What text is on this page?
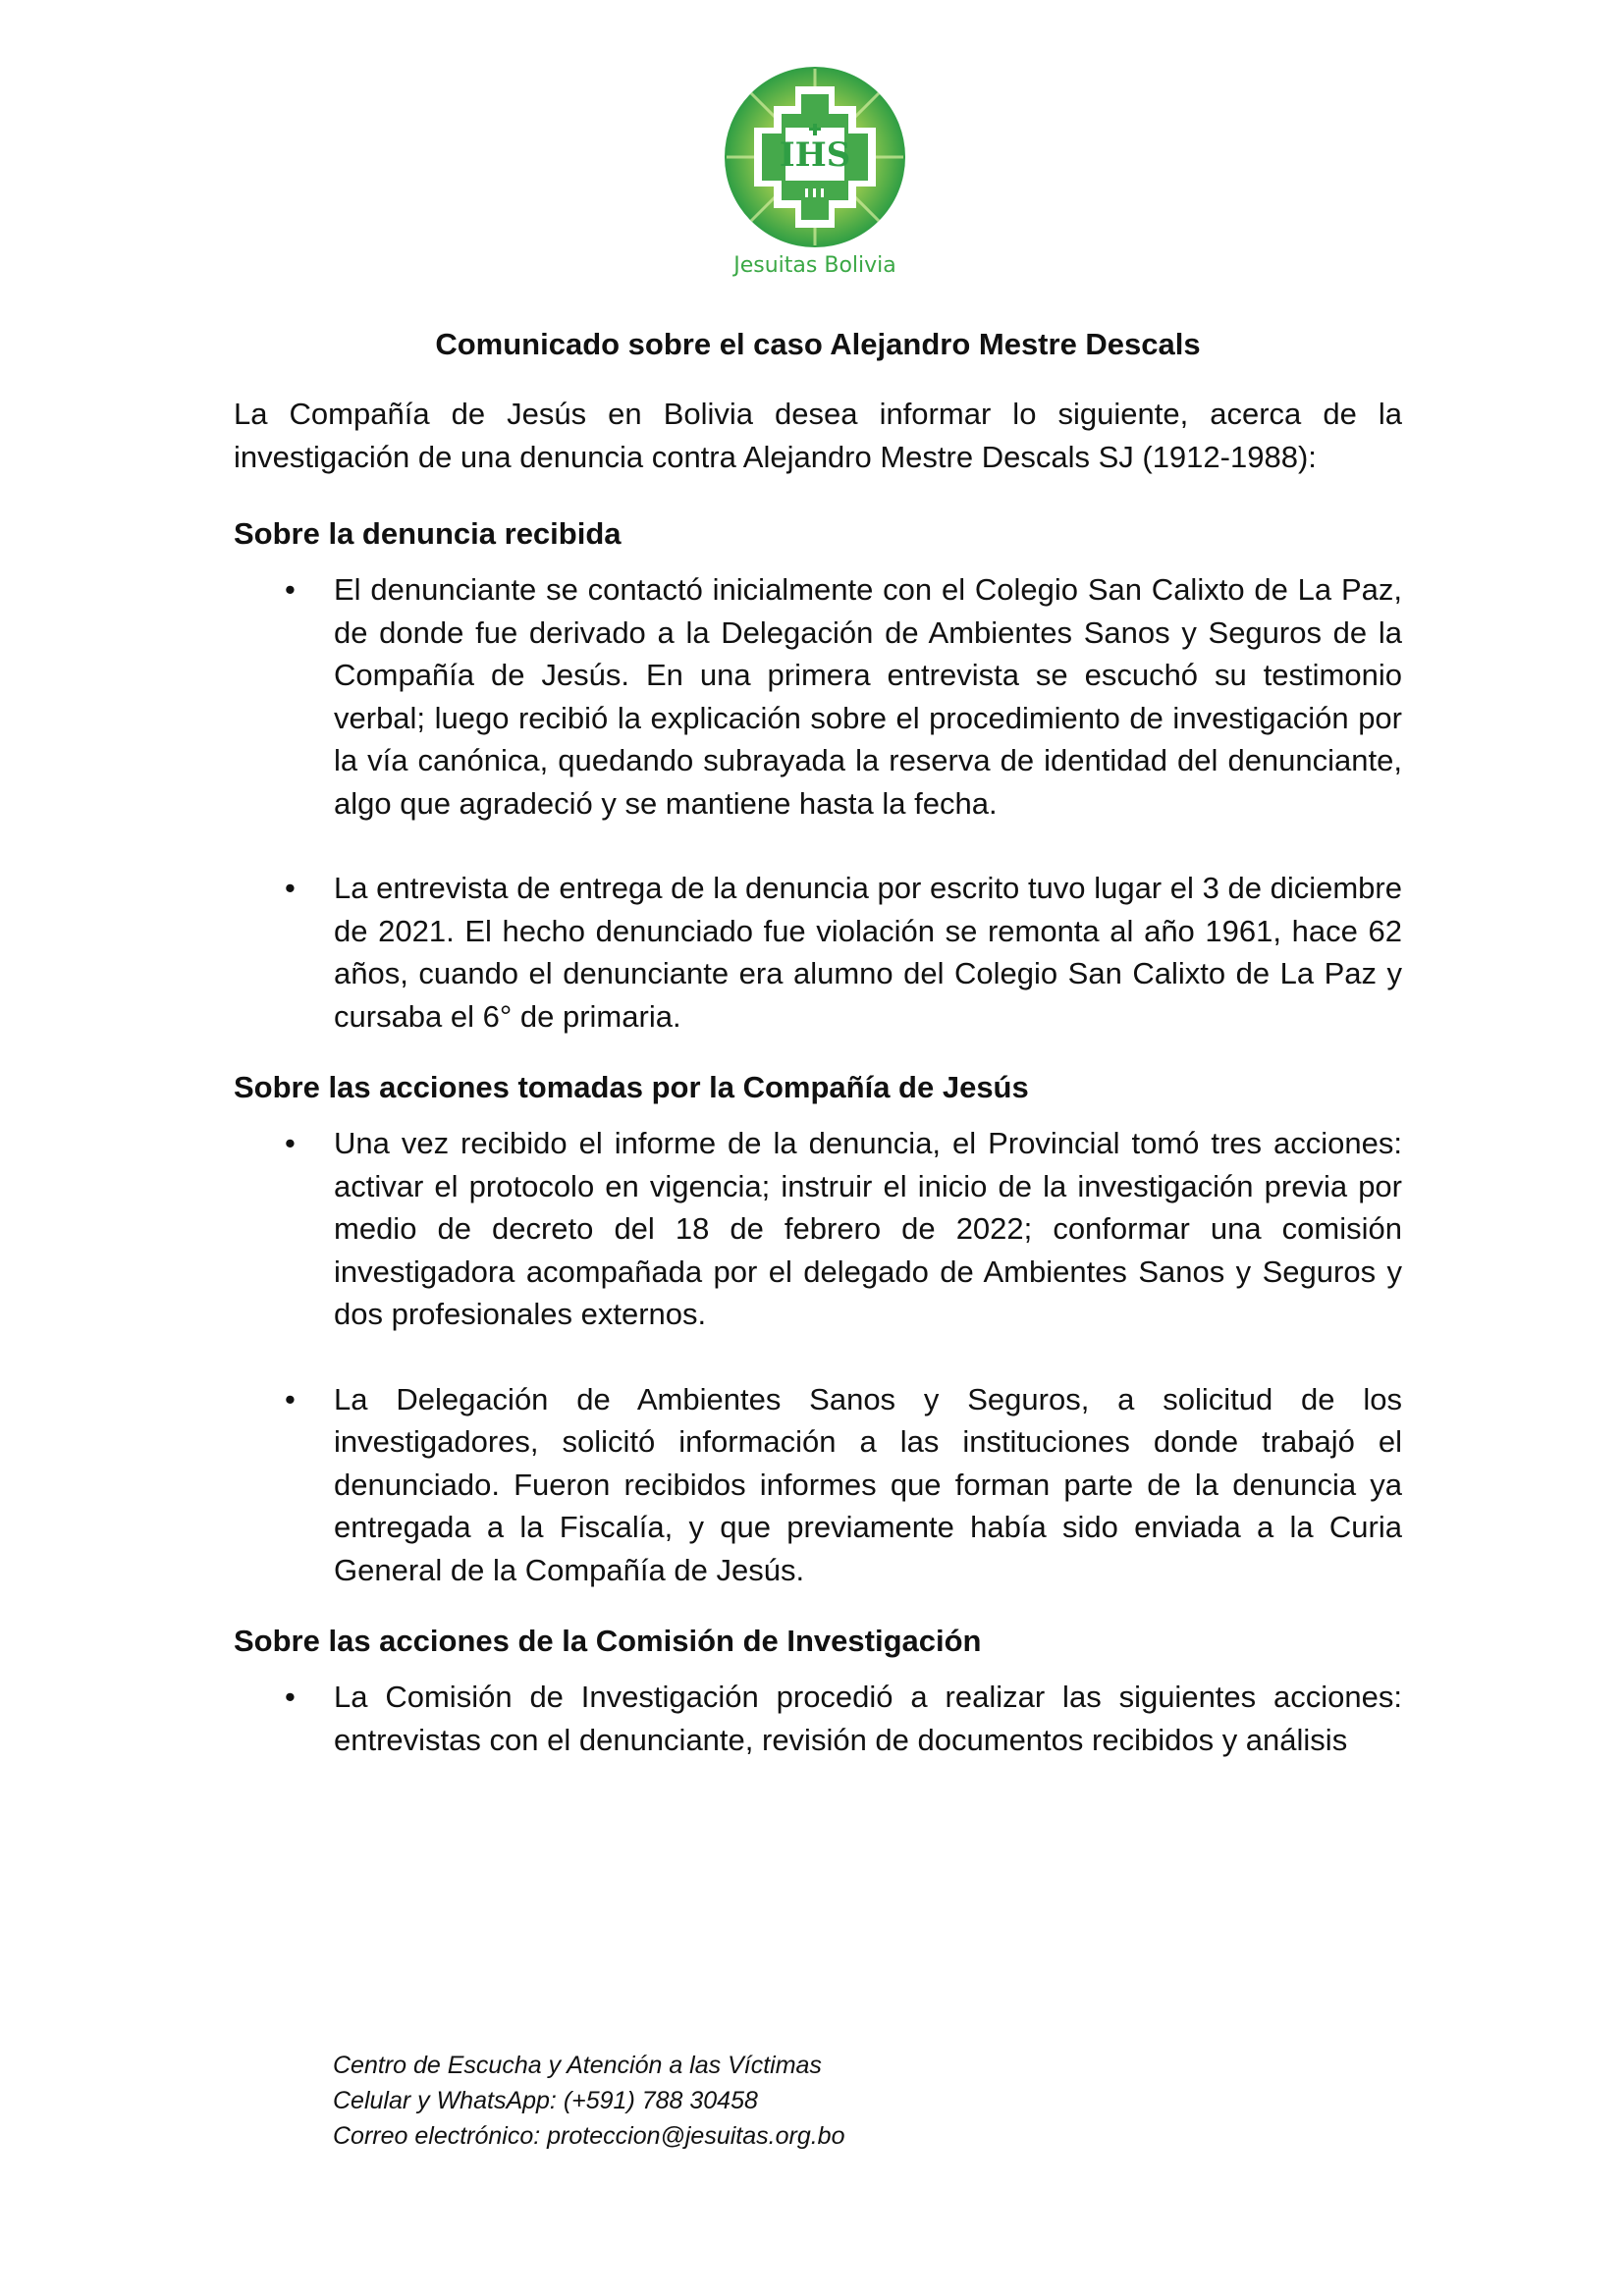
IHS
Jesuitas Bolivia
Comunicado sobre el caso Alejandro Mestre Descals

La Compañía de Jesús en Bolivia desea informar lo siguiente, acerca de la investigación de una denuncia contra Alejandro Mestre Descals SJ (1912-1988):

Sobre la denuncia recibida
• El denunciante se contactó inicialmente con el Colegio San Calixto de La Paz, de donde fue derivado a la Delegación de Ambientes Sanos y Seguros de la Compañía de Jesús. En una primera entrevista se escuchó su testimonio verbal; luego recibió la explicación sobre el procedimiento de investigación por la vía canónica, quedando subrayada la reserva de identidad del denunciante, algo que agradeció y se mantiene hasta la fecha.
• La entrevista de entrega de la denuncia por escrito tuvo lugar el 3 de diciembre de 2021. El hecho denunciado fue violación se remonta al año 1961, hace 62 años, cuando el denunciante era alumno del Colegio San Calixto de La Paz y cursaba el 6° de primaria.
Sobre las acciones tomadas por la Compañía de Jesús
• Una vez recibido el informe de la denuncia, el Provincial tomó tres acciones: activar el protocolo en vigencia; instruir el inicio de la investigación previa por medio de decreto del 18 de febrero de 2022; conformar una comisión investigadora acompañada por el delegado de Ambientes Sanos y Seguros y dos profesionales externos.
• La Delegación de Ambientes Sanos y Seguros, a solicitud de los investigadores, solicitó información a las instituciones donde trabajó el denunciado. Fueron recibidos informes que forman parte de la denuncia ya entregada a la Fiscalía, y que previamente había sido enviada a la Curia General de la Compañía de Jesús.
Sobre las acciones de la Comisión de Investigación
• La Comisión de Investigación procedió a realizar las siguientes acciones: entrevistas con el denunciante, revisión de documentos recibidos y análisis
Centro de Escucha y Atención a las Víctimas
Celular y WhatsApp: (+591) 788 30458
Correo electrónico: proteccion@jesuitas.org.bo
